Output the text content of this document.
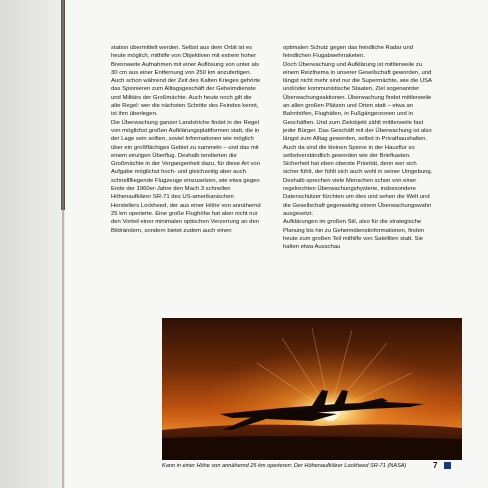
station übermittelt werden. Selbst aus dem Orbit ist es heute möglich, mithilfe von Objektiven mit extrem hoher Brennweite Aufnahmen mit einer Auflösung von unter als 30 cm aus einer Entfernung von 250 km anzufertigen. Auch schon während der Zeit des Kalten Krieges gehörte das Spionieren zum Alltagsgeschäft der Geheimdienste und Militärs der Großmächte. Auch heute noch gilt die alte Regel: wer die nächsten Schritte des Feindes kennt, ist ihm überlegen.

Die Überwachung ganzer Landstriche findet in der Regel von möglichst großen Aufklärungsplattformen statt, die in der Lage sein sollten, soviel Informationen wie möglich über ein großflächiges Gebiet zu sammeln – und das mit einem einzigen Überflug. Deshalb tendierten die Großmächte in der Vergangenheit dazu, für diese Art von Aufgabe möglichst hoch- und gleichzeitig aber auch schnellfliegende Flugzeuge einzusetzen, wie etwa gegen Ende der 1960er-Jahre den Mach 3 schnellen Höhenaufklärer SR-71 des US-amerikanischen Herstellers Lockheed, der aus einer Höhe von annähernd 25 km operierte. Eine große Flughöhe hat aber nicht nur den Vorteil einer minimalen optischen Verzerrung an den Bildrändern, sondern bietet zudem auch einen

optimalen Schutz gegen das feindliche Radar und feindlichen Flugabwehrraketen.

Doch Überwachung und Aufklärung ist mittlerweile zu einem Reizthema in unserer Gesellschaft geworden, und längst nicht mehr sind nur die Supermächte, wie die USA und/oder kommunistische Staaten, Ziel sogenannter Überwachungsaktionen. Überwachung findet mittlerweile an allen großen Plätzen und Orten statt – etwa an Bahnhöfen, Flughäfen, in Fußgängerzonen und in Geschäften. Und zum Zielobjekt zählt mittlerweile fast jeder Bürger. Das Geschäft mit der Überwachung ist also längst zum Alltag geworden, selbst in Privathaushalten. Auch da sind die kleinen Spione in der Hausflur so selbstverständlich geworden wie der Briefkasten. Sicherheit hat eben oberste Priorität, denn wer sich sicher fühlt, der fühlt sich auch wohl in seiner Umgebung. Deshalb sprechen viele Menschen schon von einer regelrechten Überwachungshysterie, insbesondere Datenschützer fürchten um dies und sehen die Welt und die Gesellschaft gegenwärtig einem Überwachungswahn ausgesetzt.

Aufklärungen im großen Stil, also für die strategische Planung bis hin zu Geheimdienstinformationen, finden heute zum großen Teil mithilfe von Satelliten statt. Sie halten etwa Ausschau

Kann in einer Höhe von annähernd 25 km operieren: Der Höhenaufklärer Lockheed SR-71 (NASA)	7
